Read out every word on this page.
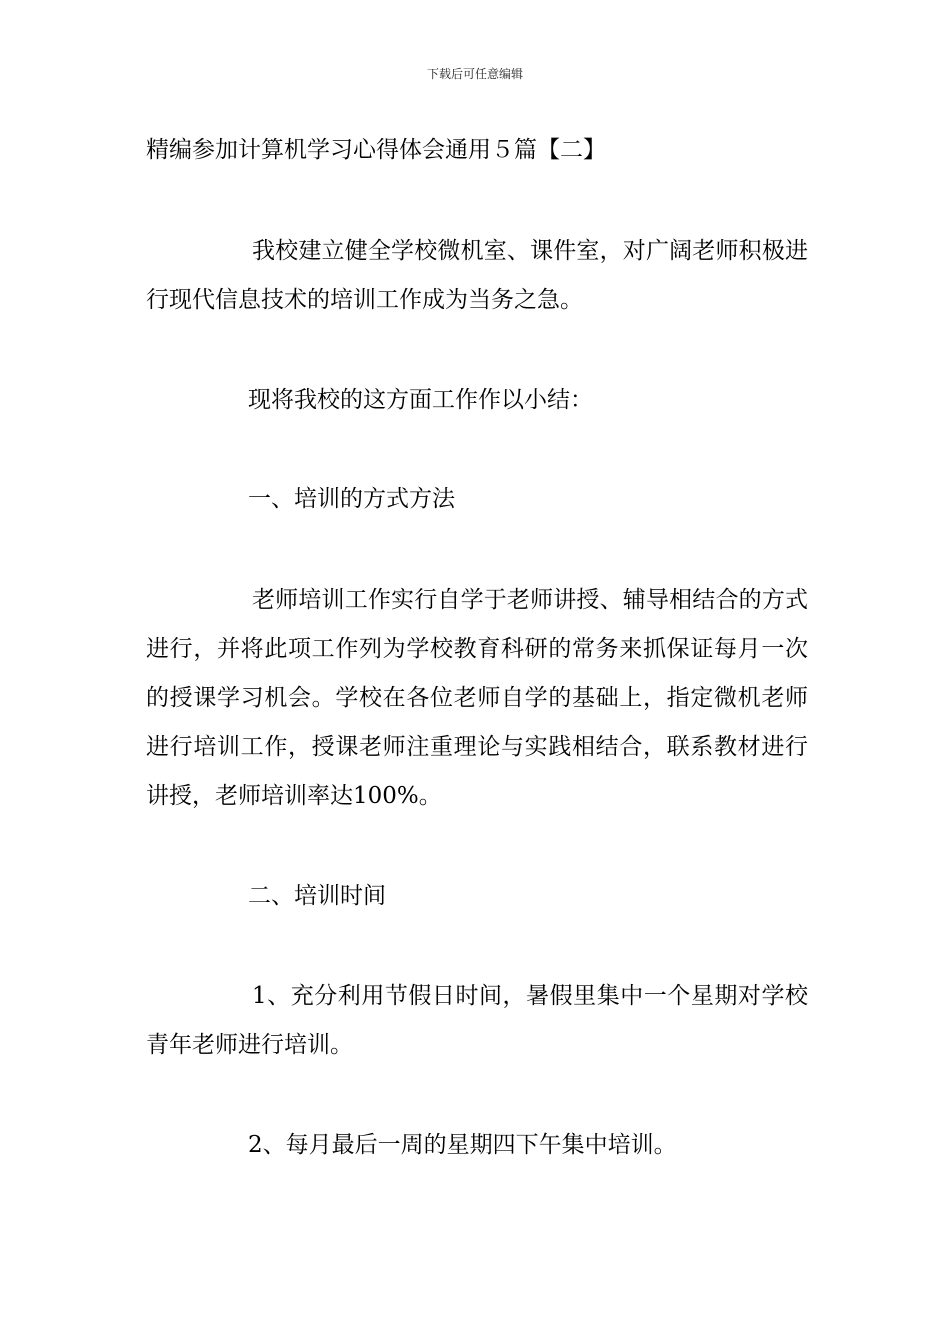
下载后可任意编辑
精编参加计算机学习心得体会通用５篇【二】
我校建立健全学校微机室、课件室，对广阔老师积极进行现代信息技术的培训工作成为当务之急。
现将我校的这方面工作作以小结：
一、培训的方式方法
老师培训工作实行自学于老师讲授、辅导相结合的方式进行，并将此项工作列为学校教育科研的常务来抓保证每月一次的授课学习机会。学校在各位老师自学的基础上，指定微机老师进行培训工作，授课老师注重理论与实践相结合，联系教材进行讲授，老师培训率达100%。
二、培训时间
1、充分利用节假日时间，暑假里集中一个星期对学校青年老师进行培训。
2、每月最后一周的星期四下午集中培训。
